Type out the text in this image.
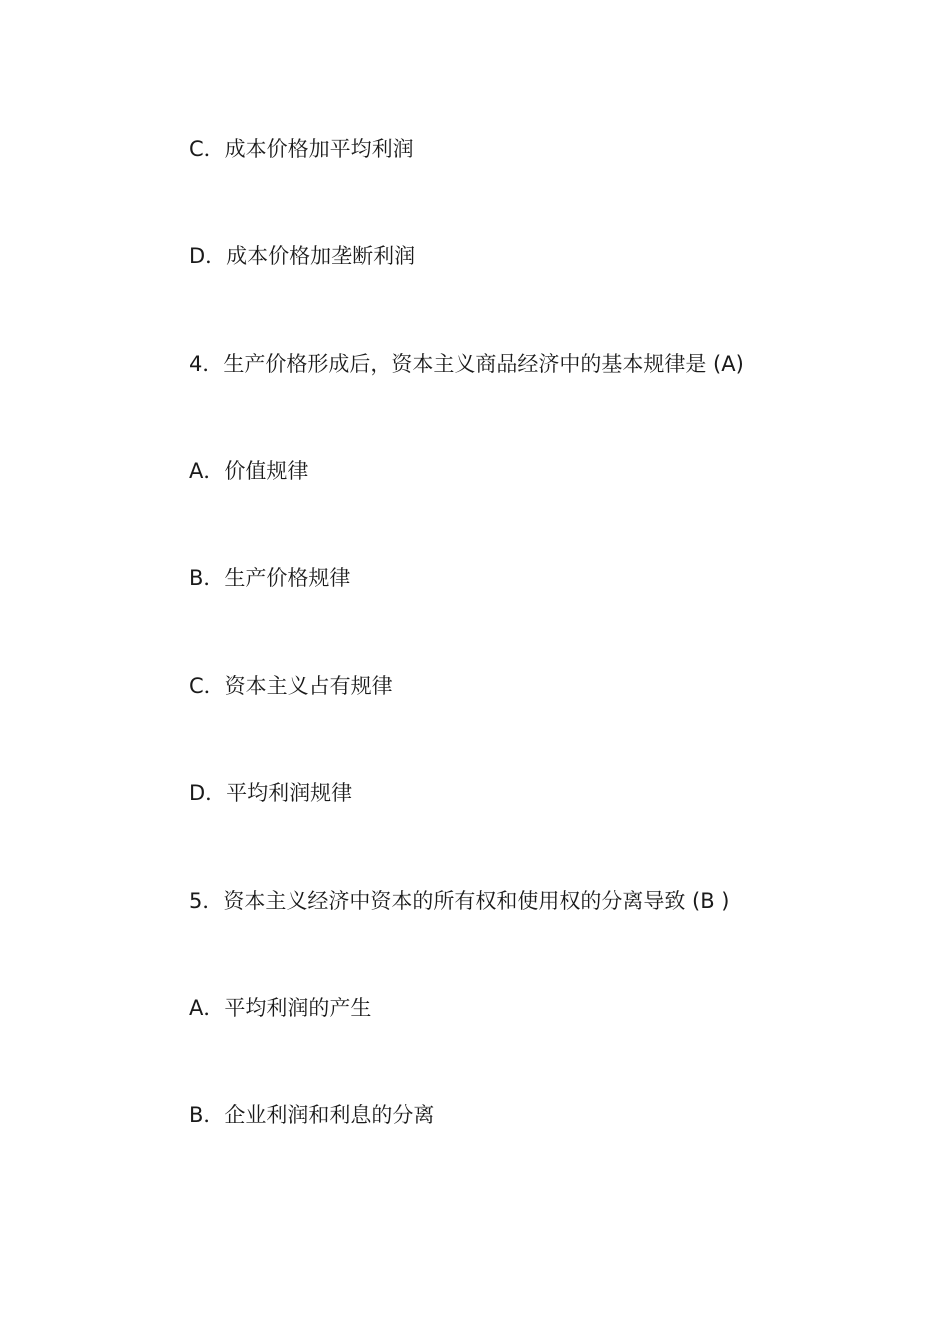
C．成本价格加平均利润
D．成本价格加垄断利润
4．生产价格形成后，资本主义商品经济中的基本规律是 (A)
A．价值规律
B．生产价格规律
C．资本主义占有规律
D．平均利润规律
5．资本主义经济中资本的所有权和使用权的分离导致 (B )
A．平均利润的产生
B．企业利润和利息的分离
